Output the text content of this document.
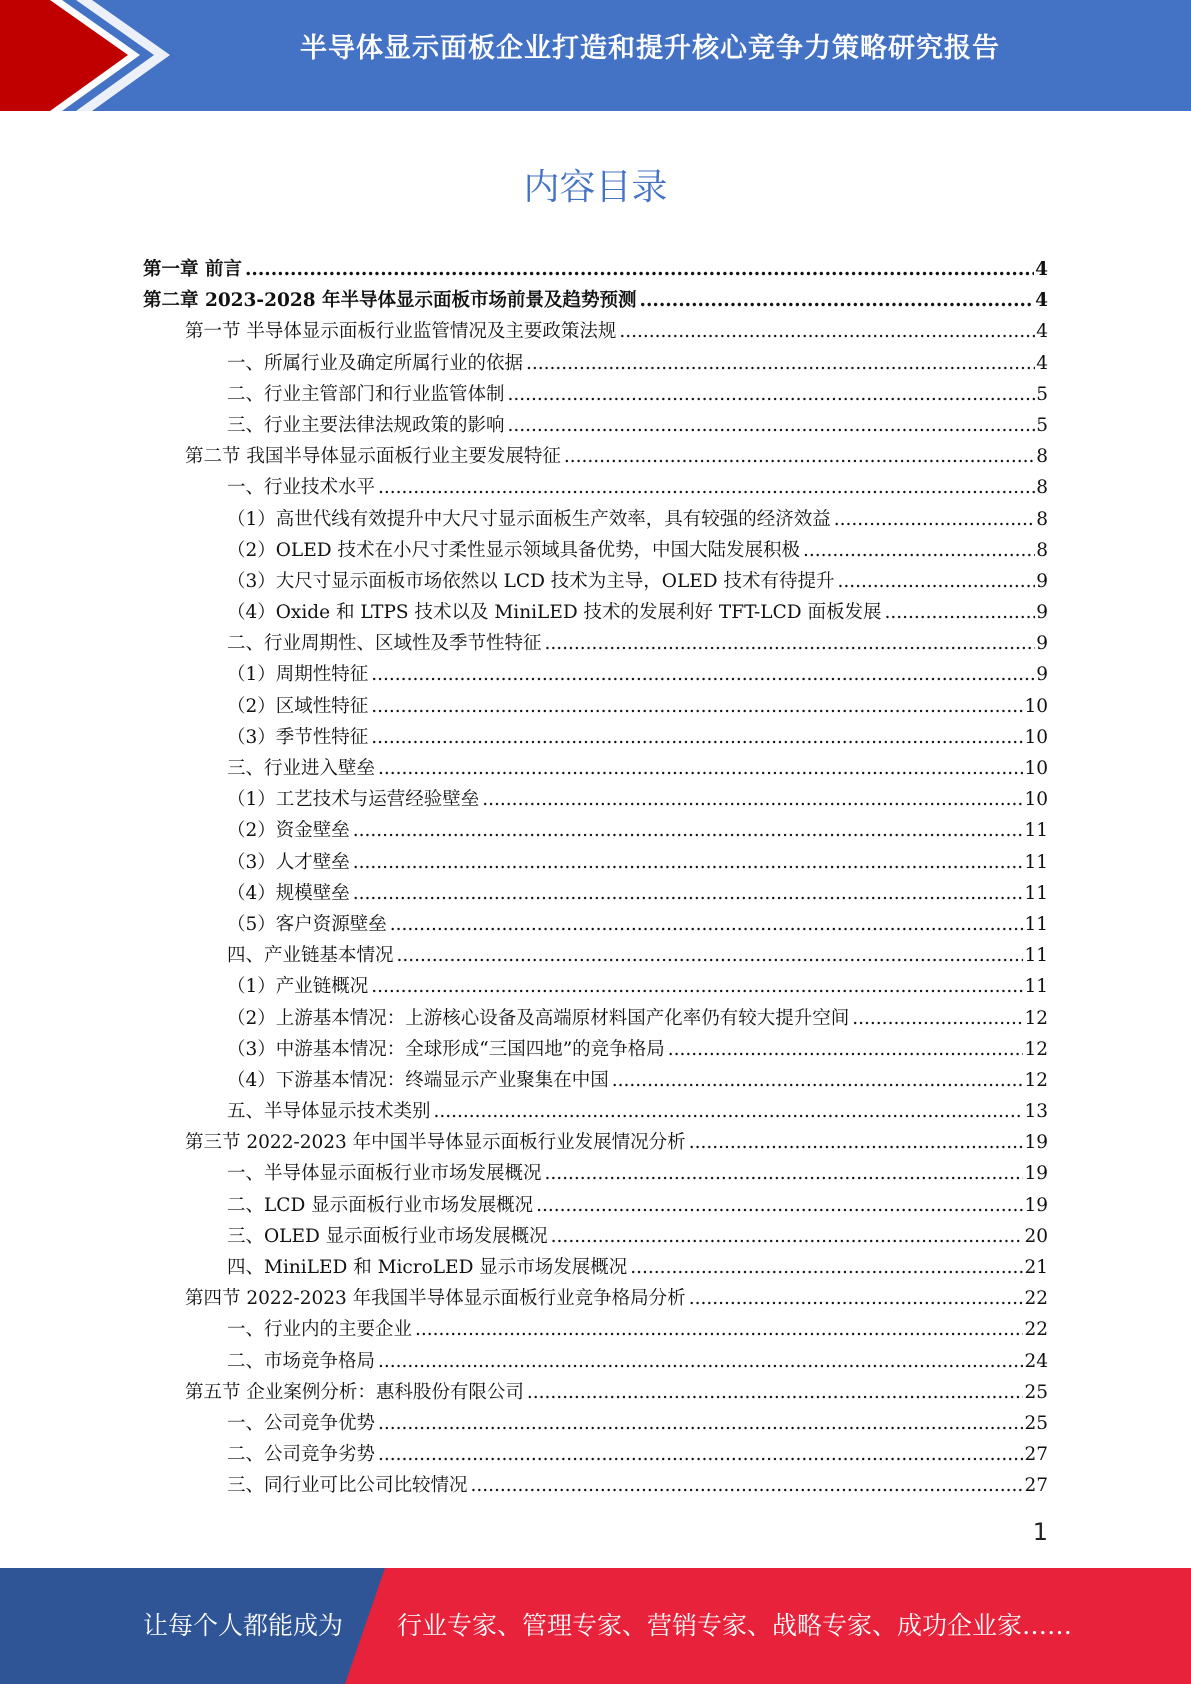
半导体显示面板企业打造和提升核心竞争力策略研究报告
内容目录
第一章 前言 .....	4
第二章 2023-2028 年半导体显示面板市场前景及趋势预测 .....	4
第一节 半导体显示面板行业监管情况及主要政策法规 .....	4
一、所属行业及确定所属行业的依据 .....	4
二、行业主管部门和行业监管体制 .....	5
三、行业主要法律法规政策的影响 .....	5
第二节 我国半导体显示面板行业主要发展特征 .....	8
一、行业技术水平 .....	8
（1）高世代线有效提升中大尺寸显示面板生产效率，具有较强的经济效益 .....	8
（2）OLED 技术在小尺寸柔性显示领域具备优势，中国大陆发展积极 .....	8
（3）大尺寸显示面板市场依然以 LCD 技术为主导，OLED 技术有待提升 .....	9
（4）Oxide 和 LTPS 技术以及 MiniLED 技术的发展利好 TFT-LCD 面板发展 .....	9
二、行业周期性、区域性及季节性特征 .....	9
（1）周期性特征 .....	9
（2）区域性特征 .....	10
（3）季节性特征 .....	10
三、行业进入壁垒 .....	10
（1）工艺技术与运营经验壁垒 .....	10
（2）资金壁垒 .....	11
（3）人才壁垒 .....	11
（4）规模壁垒 .....	11
（5）客户资源壁垒 .....	11
四、产业链基本情况 .....	11
（1）产业链概况 .....	11
（2）上游基本情况：上游核心设备及高端原材料国产化率仍有较大提升空间 .....	12
（3）中游基本情况：全球形成“三国四地”的竞争格局 .....	12
（4）下游基本情况：终端显示产业聚集在中国 .....	12
五、半导体显示技术类别 .....	13
第三节 2022-2023 年中国半导体显示面板行业发展情况分析 .....	19
一、半导体显示面板行业市场发展概况 .....	19
二、LCD 显示面板行业市场发展概况 .....	19
三、OLED 显示面板行业市场发展概况 .....	20
四、MiniLED 和 MicroLED 显示市场发展概况 .....	21
第四节 2022-2023 年我国半导体显示面板行业竞争格局分析 .....	22
一、行业内的主要企业 .....	22
二、市场竞争格局 .....	24
第五节 企业案例分析：惠科股份有限公司 .....	25
一、公司竞争优势 .....	25
二、公司竞争劣势 .....	27
三、同行业可比公司比较情况 .....	27
1
让每个人都能成为 行业专家、管理专家、营销专家、战略专家、成功企业家……
